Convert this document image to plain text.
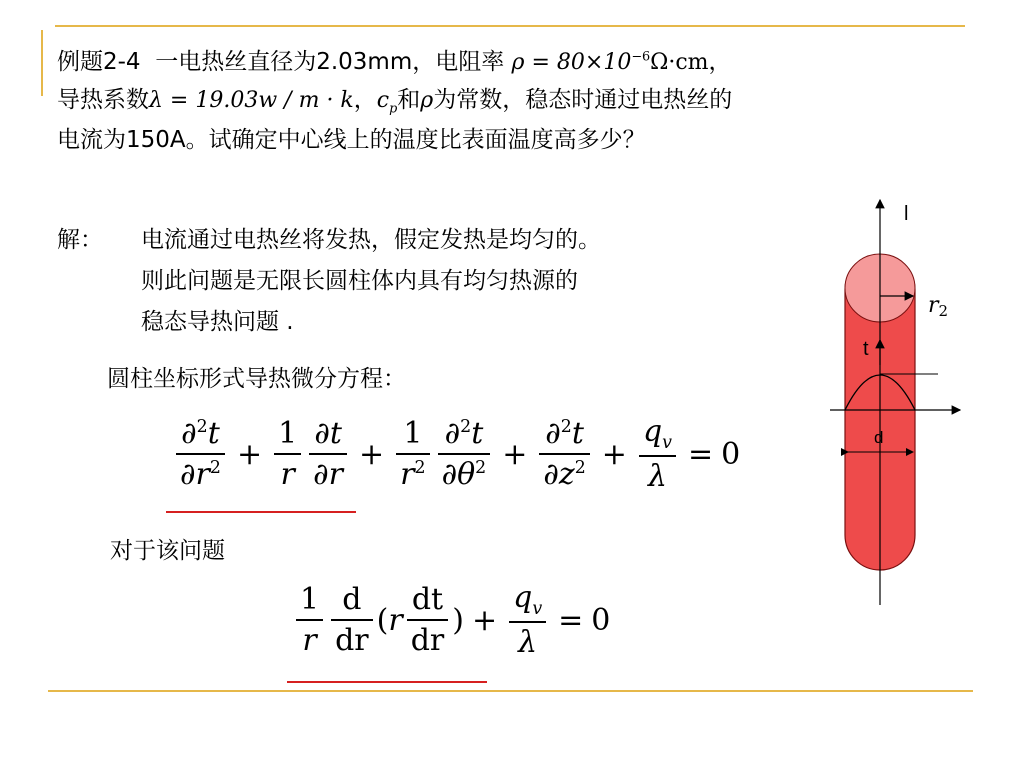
例题2-4 一电热丝直径为2.03mm，电阻率 $\rho = 80\times 10^{-6}\Omega\cdot cm$，
导热系数λ = 19.03w / m · k，$c_p$和ρ为常数，稳态时通过电热丝的
电流为150A。试确定中心线上的温度比表面温度高多少？
解： 电流通过电热丝将发热，假定发热是均匀的。
则此问题是无限长圆柱体内具有均匀热源的
稳态导热问题 .
圆柱坐标形式导热微分方程：
$\frac{\partial^2t}{\partial r^2} + \frac{1}{r} \frac{\partial t}{\partial r} + \frac{1}{r^2} \frac{\partial^2t}{\partial\theta^2} + \frac{\partial^2t}{\partial z^2} + \frac{q_v}{\lambda} = 0$
对于该问题
$\frac{1}{r} \frac{d}{dr}$ ( r $\frac{dt}{dr}$ ) + $\frac{q_v}{\lambda} = 0$
l
r2
t
d
